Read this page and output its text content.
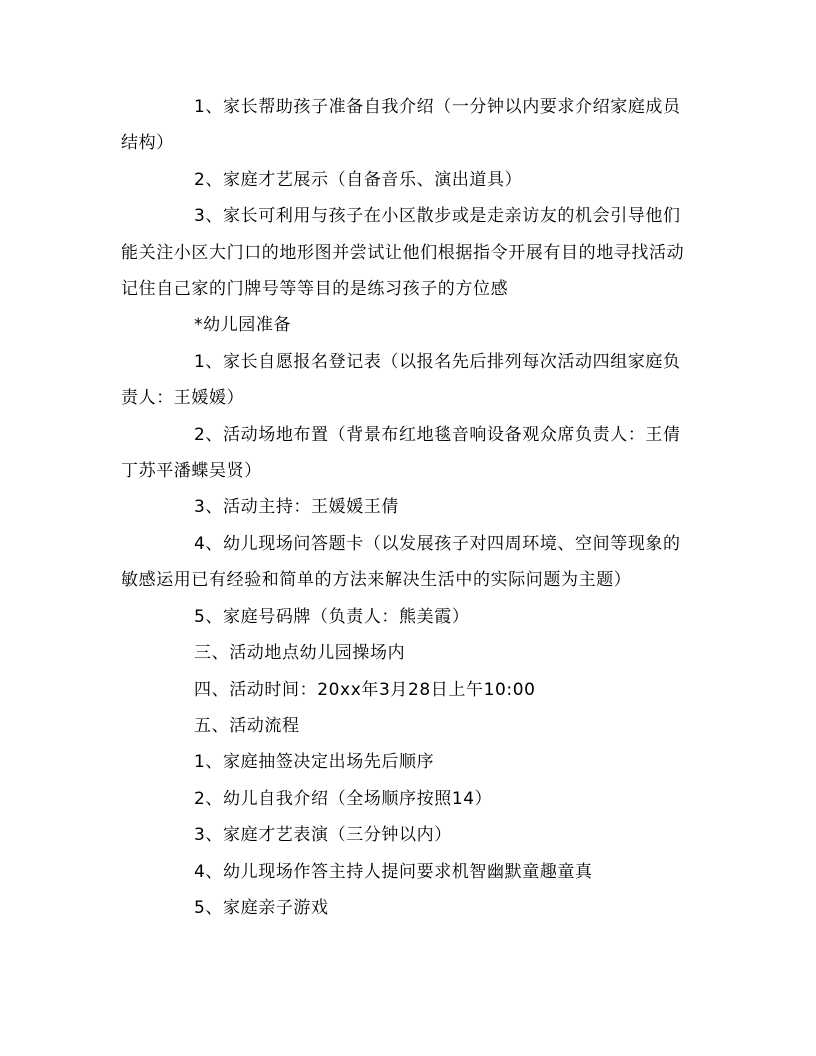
1、家长帮助孩子准备自我介绍（一分钟以内要求介绍家庭成员结构）

2、家庭才艺展示（自备音乐、演出道具）

3、家长可利用与孩子在小区散步或是走亲访友的机会引导他们能关注小区大门口的地形图并尝试让他们根据指令开展有目的地寻找活动记住自己家的门牌号等等目的是练习孩子的方位感

*幼儿园准备

1、家长自愿报名登记表（以报名先后排列每次活动四组家庭负责人：王媛媛）

2、活动场地布置（背景布红地毯音响设备观众席负责人：王倩丁苏平潘蝶吴贤）

3、活动主持：王媛媛王倩

4、幼儿现场问答题卡（以发展孩子对四周环境、空间等现象的敏感运用已有经验和简单的方法来解决生活中的实际问题为主题）

5、家庭号码牌（负责人：熊美霞）

三、活动地点幼儿园操场内

四、活动时间：20xx年3月28日上午10:00

五、活动流程

1、家庭抽签决定出场先后顺序

2、幼儿自我介绍（全场顺序按照14）

3、家庭才艺表演（三分钟以内）

4、幼儿现场作答主持人提问要求机智幽默童趣童真

5、家庭亲子游戏
